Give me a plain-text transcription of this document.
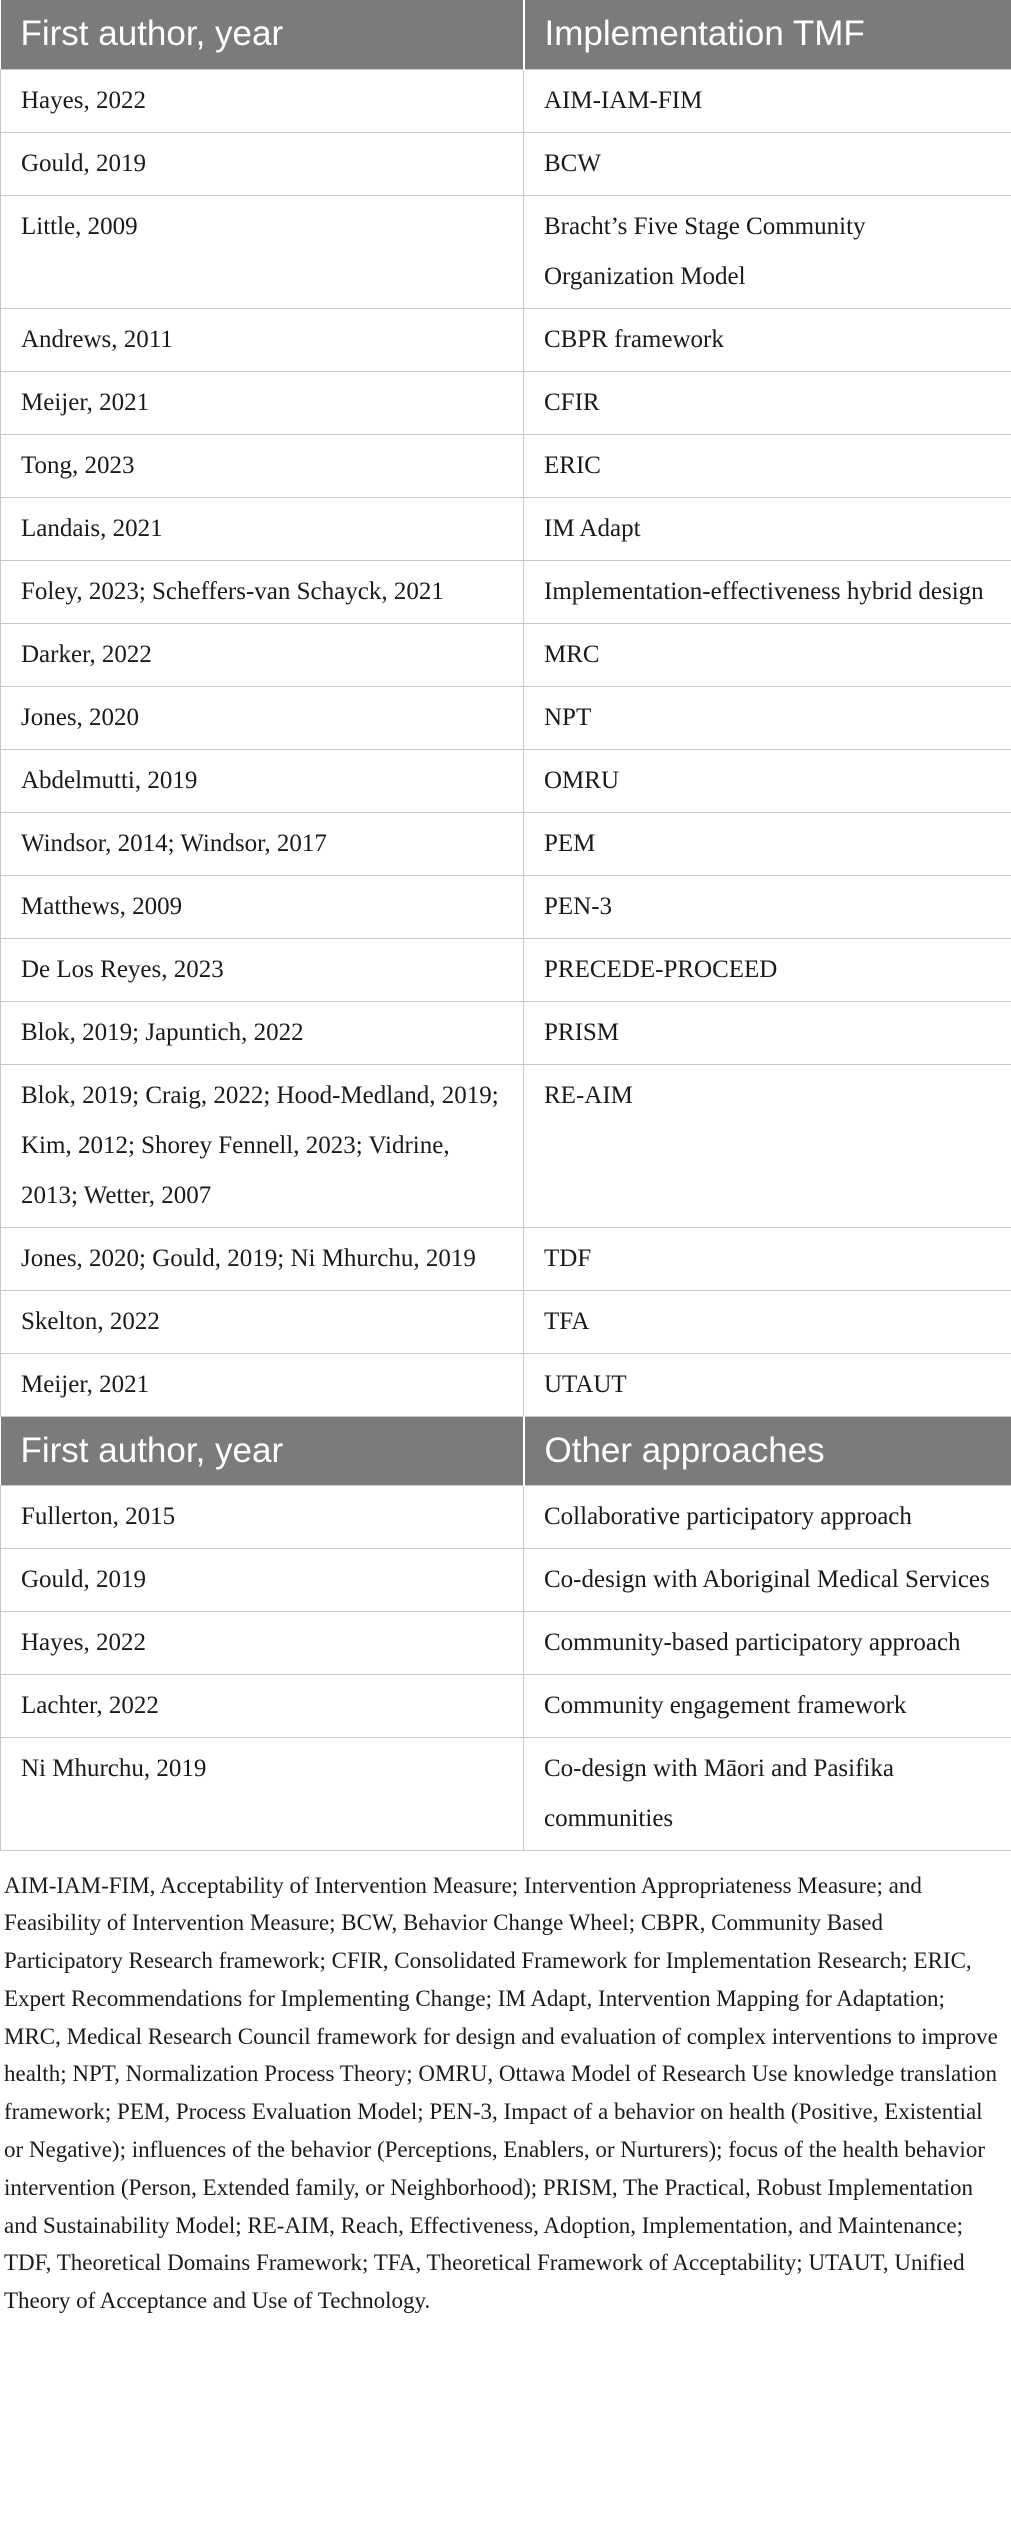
First author, year	Implementation TMF
Hayes, 2022	AIM-IAM-FIM
Gould, 2019	BCW
Little, 2009	Bracht’s Five Stage Community Organization Model
Andrews, 2011	CBPR framework
Meijer, 2021	CFIR
Tong, 2023	ERIC
Landais, 2021	IM Adapt
Foley, 2023; Scheffers-van Schayck, 2021	Implementation-effectiveness hybrid design
Darker, 2022	MRC
Jones, 2020	NPT
Abdelmutti, 2019	OMRU
Windsor, 2014; Windsor, 2017	PEM
Matthews, 2009	PEN-3
De Los Reyes, 2023	PRECEDE-PROCEED
Blok, 2019; Japuntich, 2022	PRISM
Blok, 2019; Craig, 2022; Hood-Medland, 2019; Kim, 2012; Shorey Fennell, 2023; Vidrine, 2013; Wetter, 2007	RE-AIM
Jones, 2020; Gould, 2019; Ni Mhurchu, 2019	TDF
Skelton, 2022	TFA
Meijer, 2021	UTAUT
First author, year	Other approaches
Fullerton, 2015	Collaborative participatory approach
Gould, 2019	Co-design with Aboriginal Medical Services
Hayes, 2022	Community-based participatory approach
Lachter, 2022	Community engagement framework
Ni Mhurchu, 2019	Co-design with Māori and Pasifika communities
AIM-IAM-FIM, Acceptability of Intervention Measure; Intervention Appropriateness Measure; and Feasibility of Intervention Measure; BCW, Behavior Change Wheel; CBPR, Community Based Participatory Research framework; CFIR, Consolidated Framework for Implementation Research; ERIC, Expert Recommendations for Implementing Change; IM Adapt, Intervention Mapping for Adaptation; MRC, Medical Research Council framework for design and evaluation of complex interventions to improve health; NPT, Normalization Process Theory; OMRU, Ottawa Model of Research Use knowledge translation framework; PEM, Process Evaluation Model; PEN-3, Impact of a behavior on health (Positive, Existential or Negative); influences of the behavior (Perceptions, Enablers, or Nurturers); focus of the health behavior intervention (Person, Extended family, or Neighborhood); PRISM, The Practical, Robust Implementation and Sustainability Model; RE-AIM, Reach, Effectiveness, Adoption, Implementation, and Maintenance; TDF, Theoretical Domains Framework; TFA, Theoretical Framework of Acceptability; UTAUT, Unified Theory of Acceptance and Use of Technology.
